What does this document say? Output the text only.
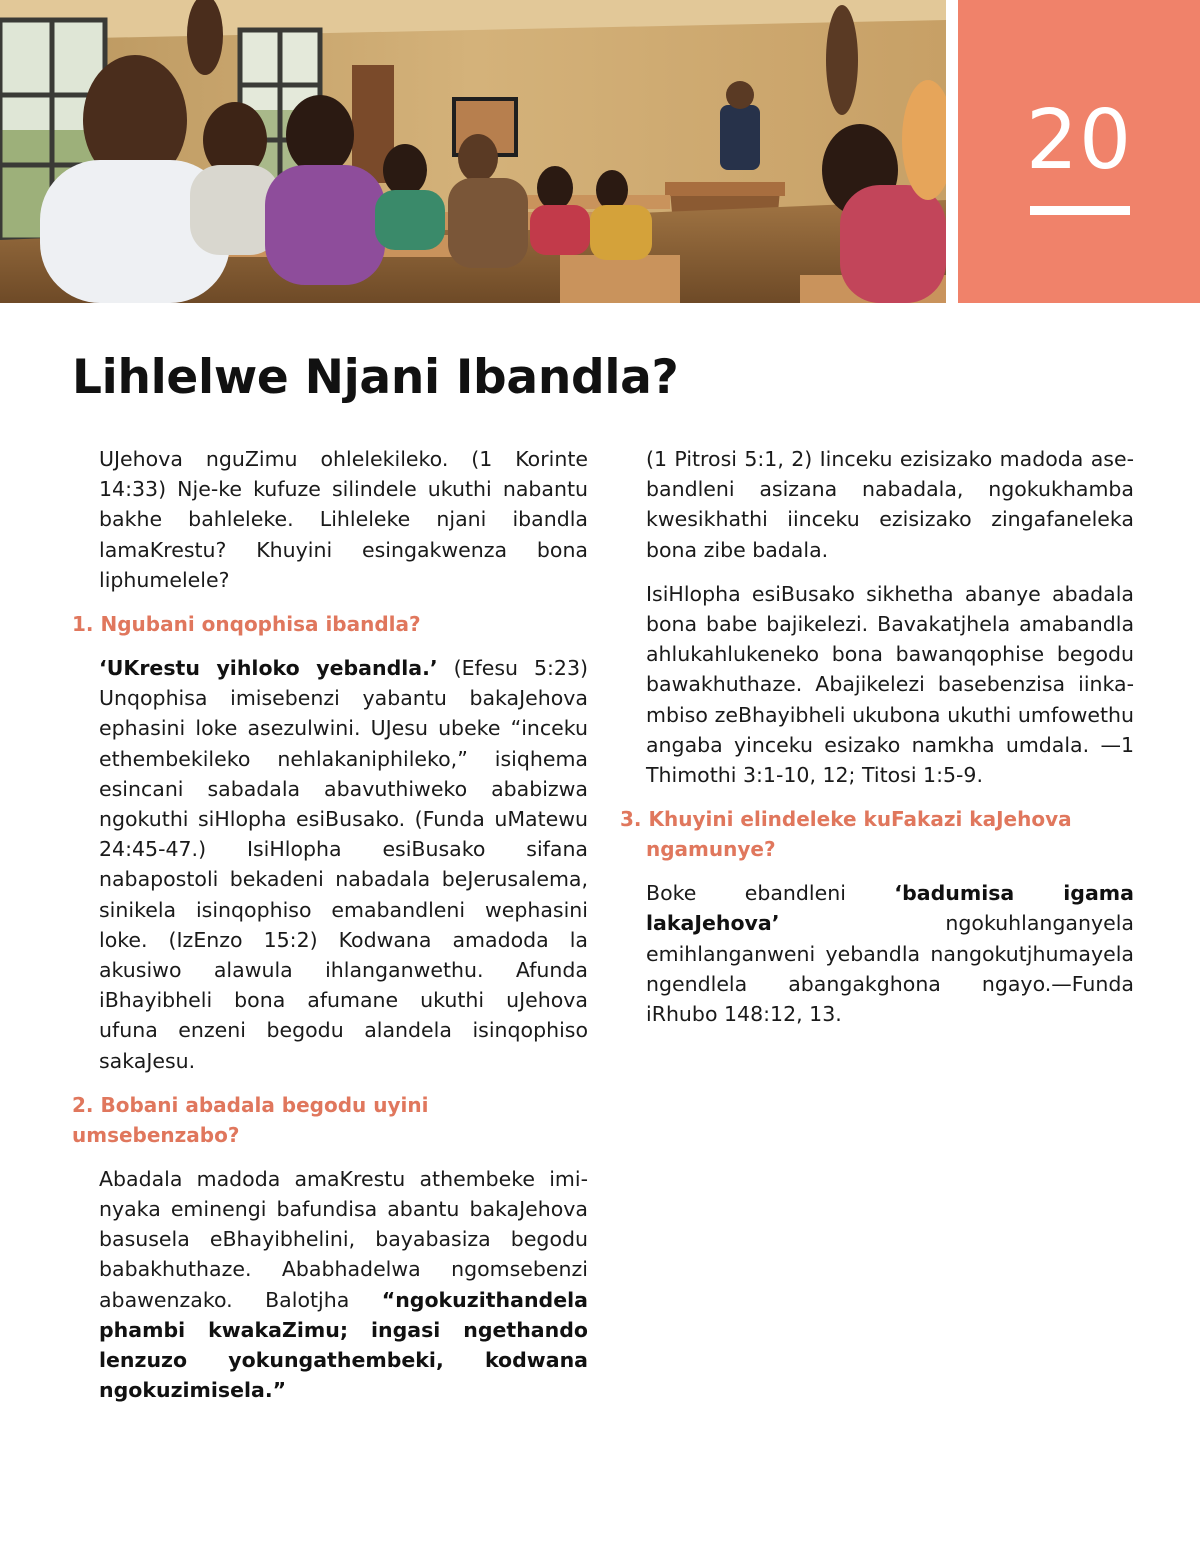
20
Lihlelwe Njani Ibandla?

UJehova nguZimu ohlelekileko. (1 Korinte 14:33) Nje-ke kufuze silindele ukuthi nabantu bakhe bahleleke. Lihleleke njani ibandla lamaKrestu? Khuyini esingakwenza bona liphumelele?

1. Ngubani onqophisa ibandla?

‘UKrestu yihloko yebandla.’ (Efesu 5:23) Unqophisa imisebenzi yabantu bakaJehova ephasini loke asezulwini. UJesu ubeke “inceku ethembekileko nehlakaniphileko,” isiqhema esincani sabadala abavuthiweko ababizwa ngokuthi siHlopha esiBusako. (Funda uMatewu 24:45-47.) IsiHlopha esiBusako sifana nabapostoli bekadeni nabadala beJerusalema, sinikela isinqophiso emabandleni wephasini loke. (IzEnzo 15:2) Kodwana amadoda la akusiwo alawula ihlanganwethu. Afunda iBhayibheli bona afumane ukuthi uJehova ufuna enzeni begodu alandela isinqophiso sakaJesu.

2. Bobani abadala begodu uyini umsebenzabo?

Abadala madoda amaKrestu athembeke iminyaka eminengi bafundisa abantu bakaJehova basusela eBhayibhelini, bayabasiza begodu babakhuthaze. Ababhadelwa ngomsebenzi abawenzako. Balotjha “ngokuzithandela phambi kwakaZimu; ingasi ngethando lenzuzo yokungathembeki, kodwana ngokuzimisela.”

(1 Pitrosi 5:1, 2) Iinceku ezisizako madoda asebandleni asizana nabadala, ngokukhamba kwesikhathi iinceku ezisizako zingafaneleka bona zibe badala.

IsiHlopha esiBusako sikhetha abanye abadala bona babe bajikelezi. Bavakatjhela amabandla ahlukahlukeneko bona bawanqophise begodu bawakhuthaze. Abajikelezi basebenzisa iinkambiso zeBhayibheli ukubona ukuthi umfowethu angaba yinceku esizako namkha umdala. —1 Thimothi 3:1-10, 12; Titosi 1:5-9.

3. Khuyini elindeleke kuFakazi kaJehova ngamunye?

Boke ebandleni ‘badumisa igama lakaJehova’ ngokuhlanganyela emihlanganweni yebandla nangokutjhumayela ngendlela abangakghona ngayo.—Funda iRhubo 148:12, 13.
